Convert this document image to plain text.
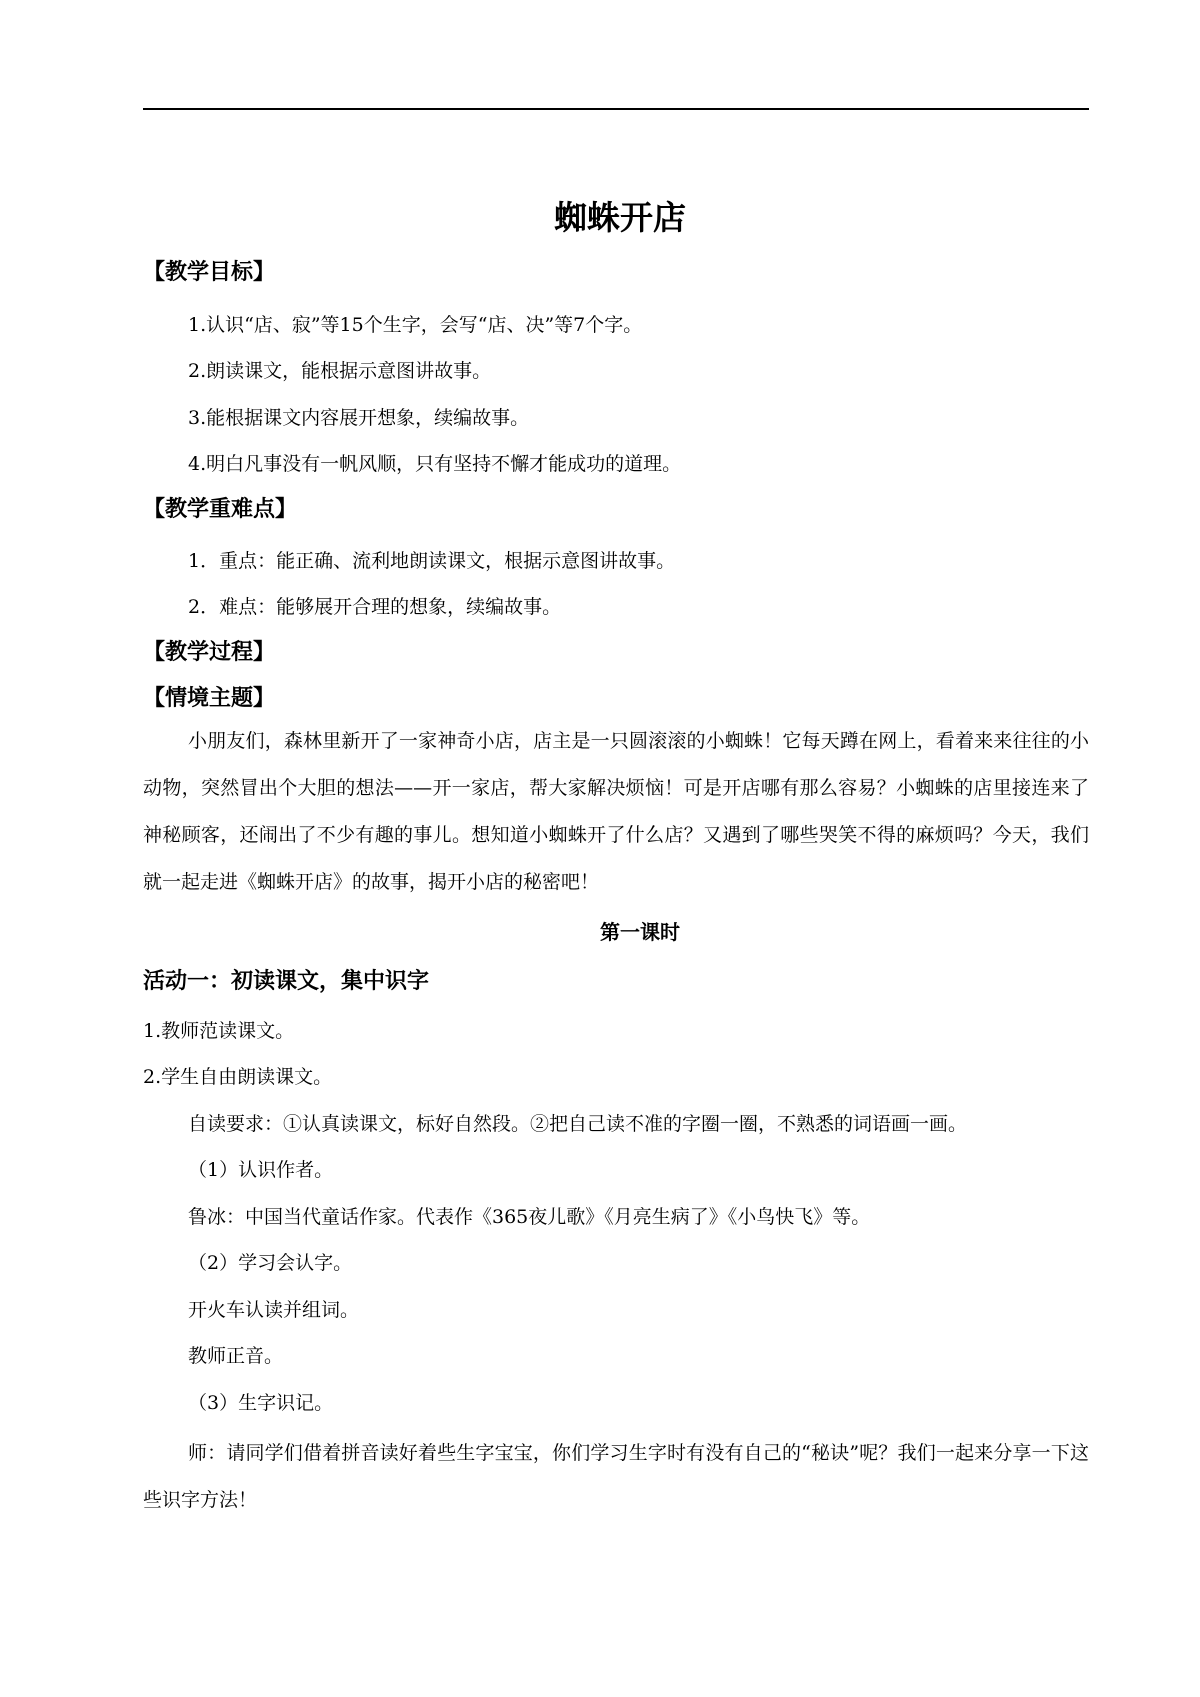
蜘蛛开店
【教学目标】
1.认识“店、寂”等15个生字，会写“店、决”等7个字。
2.朗读课文，能根据示意图讲故事。
3.能根据课文内容展开想象，续编故事。
4.明白凡事没有一帆风顺，只有坚持不懈才能成功的道理。
【教学重难点】
1．重点：能正确、流利地朗读课文，根据示意图讲故事。
2．难点：能够展开合理的想象，续编故事。
【教学过程】
【情境主题】
小朋友们，森林里新开了一家神奇小店，店主是一只圆滚滚的小蜘蛛！它每天蹲在网上，看着来来往往的小动物，突然冒出个大胆的想法——开一家店，帮大家解决烦恼！可是开店哪有那么容易？小蜘蛛的店里接连来了神秘顾客，还闹出了不少有趣的事儿。想知道小蜘蛛开了什么店？又遇到了哪些哭笑不得的麻烦吗？今天，我们就一起走进《蜘蛛开店》的故事，揭开小店的秘密吧！
第一课时
活动一：初读课文，集中识字
1.教师范读课文。
2.学生自由朗读课文。
自读要求：①认真读课文，标好自然段。②把自己读不准的字圈一圈，不熟悉的词语画一画。
（1）认识作者。
鲁冰：中国当代童话作家。代表作《365夜儿歌》《月亮生病了》《小鸟快飞》等。
（2）学习会认字。
开火车认读并组词。
教师正音。
（3）生字识记。
师：请同学们借着拼音读好着些生字宝宝，你们学习生字时有没有自己的“秘诀”呢？我们一起来分享一下这些识字方法！
